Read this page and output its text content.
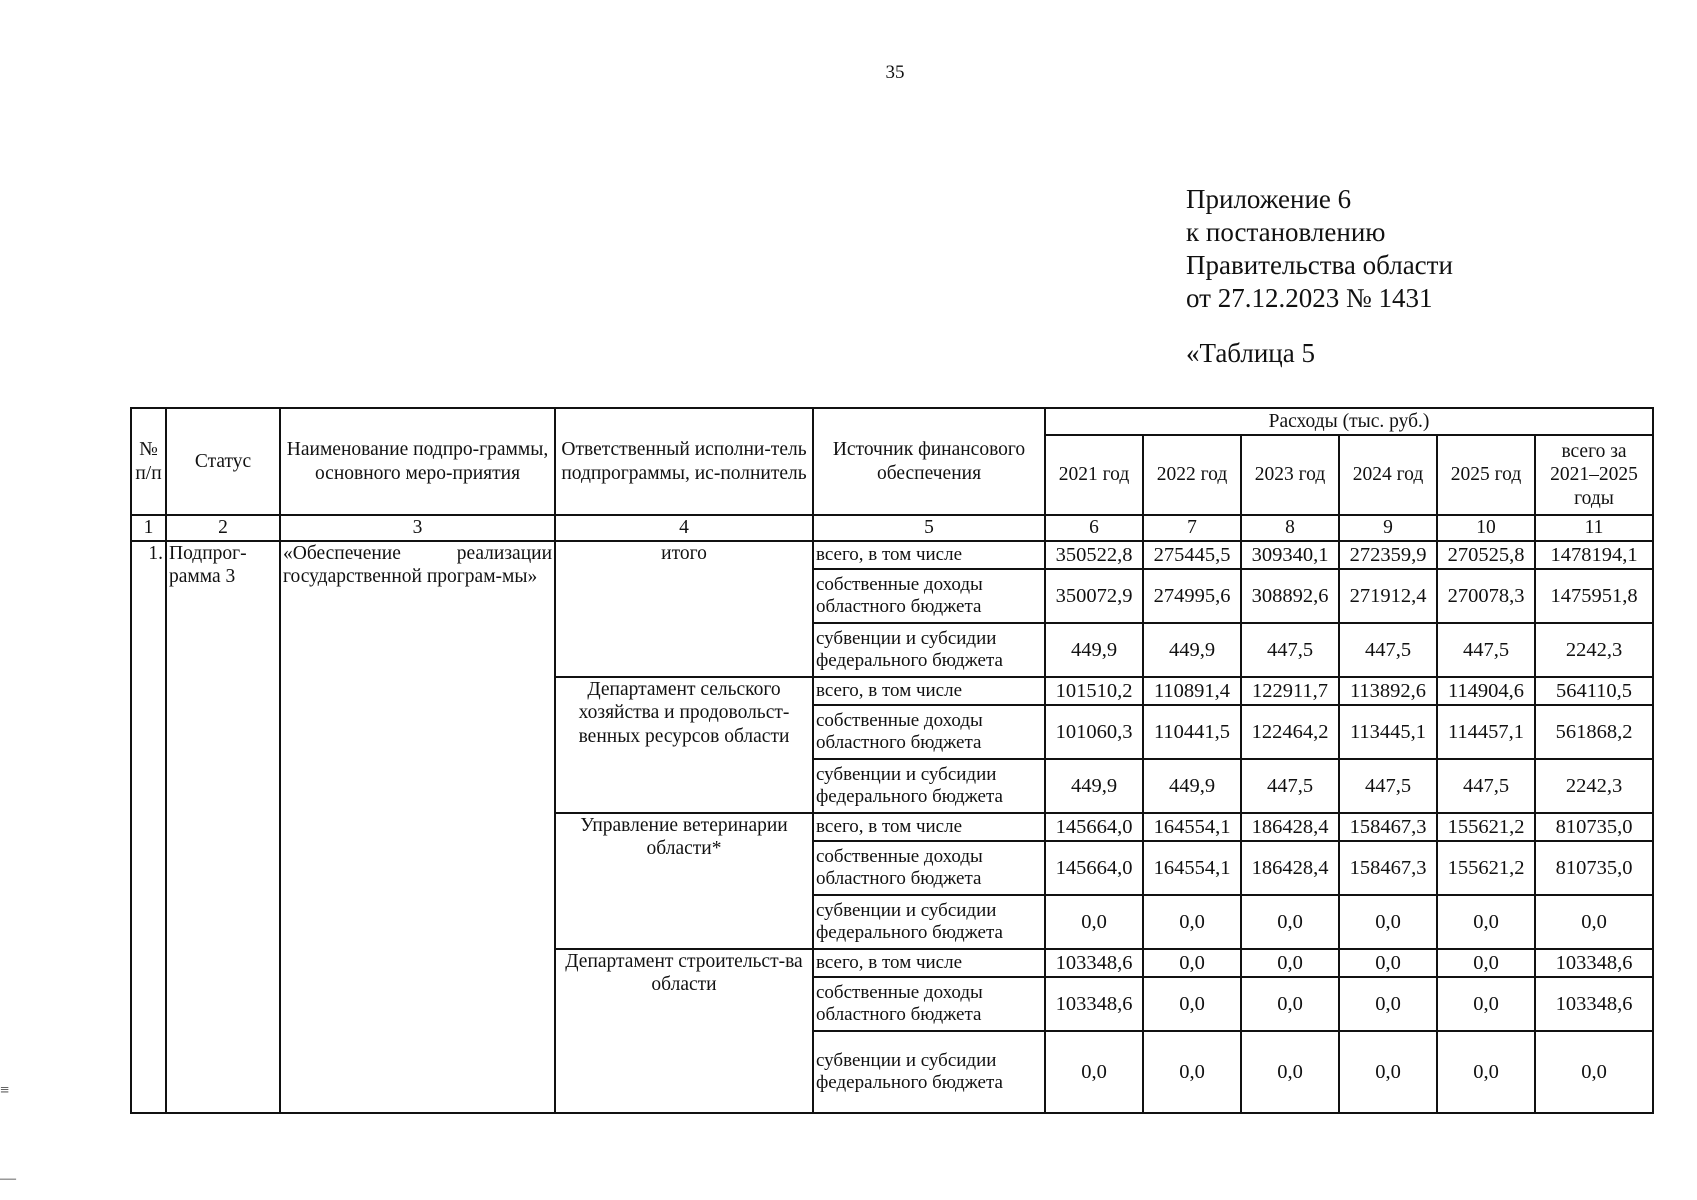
35
Приложение 6
к постановлению
Правительства области
от 27.12.2023 № 1431
«Таблица 5
≡
—
№ п/п	Статус	Наименование подпро-граммы, основного меро-приятия	Ответственный исполни-тель подпрограммы, ис-полнитель	Источник финансового обеспечения	Расходы (тыс. руб.)					
					2021 год	2022 год	2023 год	2024 год	2025 год	всего за 2021–2025 годы
1	2	3	4	5	6	7	8	9	10	11
1.	Подпрог-рамма 3	«Обеспечение реализации государственной програм-мы»	итого	всего, в том числе	350522,8	275445,5	309340,1	272359,9	270525,8	1478194,1
				собственные доходы областного бюджета	350072,9	274995,6	308892,6	271912,4	270078,3	1475951,8
				субвенции и субсидии федерального бюджета	449,9	449,9	447,5	447,5	447,5	2242,3
			Департамент сельского хозяйства и продовольст-венных ресурсов области	всего, в том числе	101510,2	110891,4	122911,7	113892,6	114904,6	564110,5
				собственные доходы областного бюджета	101060,3	110441,5	122464,2	113445,1	114457,1	561868,2
				субвенции и субсидии федерального бюджета	449,9	449,9	447,5	447,5	447,5	2242,3
			Управление ветеринарии области*	всего, в том числе	145664,0	164554,1	186428,4	158467,3	155621,2	810735,0
				собственные доходы областного бюджета	145664,0	164554,1	186428,4	158467,3	155621,2	810735,0
				субвенции и субсидии федерального бюджета	0,0	0,0	0,0	0,0	0,0	0,0
			Департамент строительст-ва области	всего, в том числе	103348,6	0,0	0,0	0,0	0,0	103348,6
				собственные доходы областного бюджета	103348,6	0,0	0,0	0,0	0,0	103348,6
				субвенции и субсидии федерального бюджета	0,0	0,0	0,0	0,0	0,0	0,0
